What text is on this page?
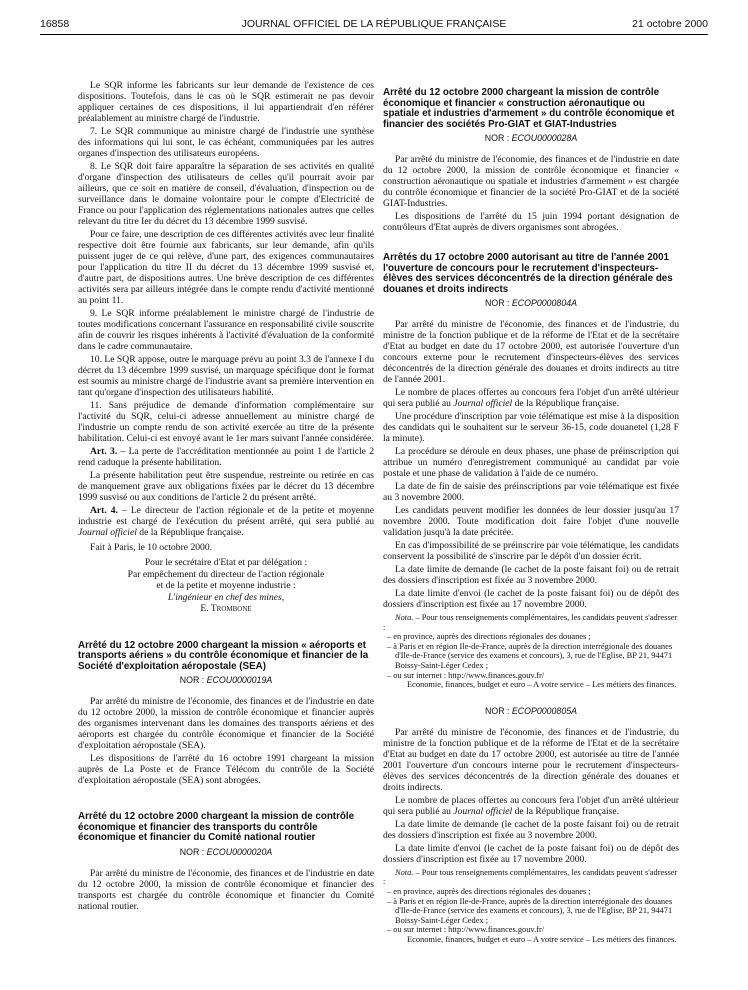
16858	JOURNAL OFFICIEL DE LA RÉPUBLIQUE FRANÇAISE	21 octobre 2000

Le SQR informe les fabricants sur leur demande de l'existence de ces dispositions. Toutefois, dans le cas où le SQR estimerait ne pas devoir appliquer certaines de ces dispositions, il lui appartiendrait d'en référer préalablement au ministre chargé de l'industrie.

7. Le SQR communique au ministre chargé de l'industrie une synthèse des informations qui lui sont, le cas échéant, communiquées par les autres organes d'inspection des utilisateurs européens.

8. Le SQR doit faire apparaître la séparation de ses activités en qualité d'organe d'inspection des utilisateurs de celles qu'il pourrait avoir par ailleurs, que ce soit en matière de conseil, d'évaluation, d'inspection ou de surveillance dans le domaine volontaire pour le compte d'Electricité de France ou pour l'application des réglementations nationales autres que celles relevant du titre Ier du décret du 13 décembre 1999 susvisé.

Pour ce faire, une description de ces différentes activités avec leur finalité respective doit être fournie aux fabricants, sur leur demande, afin qu'ils puissent juger de ce qui relève, d'une part, des exigences communautaires pour l'application du titre II du décret du 13 décembre 1999 susvisé et, d'autre part, de dispositions autres. Une brève description de ces différentes activités sera par ailleurs intégrée dans le compte rendu d'activité mentionné au point 11.

9. Le SQR informe préalablement le ministre chargé de l'industrie de toutes modifications concernant l'assurance en responsabilité civile souscrite afin de couvrir les risques inhérents à l'activité d'évaluation de la conformité dans le cadre communautaire.

10. Le SQR appose, outre le marquage prévu au point 3.3 de l'annexe I du décret du 13 décembre 1999 susvisé, un marquage spécifique dont le format est soumis au ministre chargé de l'industrie avant sa première intervention en tant qu'organe d'inspection des utilisateurs habilité.

11. Sans préjudice de demande d'information complémentaire sur l'activité du SQR, celui-ci adresse annuellement au ministre chargé de l'industrie un compte rendu de son activité exercée au titre de la présente habilitation. Celui-ci est envoyé avant le 1er mars suivant l'année considérée.

Art. 3. – La perte de l'accréditation mentionnée au point 1 de l'article 2 rend caduque la présente habilitation.

La présente habilitation peut être suspendue, restreinte ou retirée en cas de manquement grave aux obligations fixées par le décret du 13 décembre 1999 susvisé ou aux conditions de l'article 2 du présent arrêté.

Art. 4. – Le directeur de l'action régionale et de la petite et moyenne industrie est chargé de l'exécution du présent arrêté, qui sera publié au Journal officiel de la République française.

Fait à Paris, le 10 octobre 2000.

Pour le secrétaire d'Etat et par délégation :
Par empêchement du directeur de l'action régionale
et de la petite et moyenne industrie :
L'ingénieur en chef des mines,
E. Trombone
Arrêté du 12 octobre 2000 chargeant la mission « aéroports et transports aériens » du contrôle économique et financier de la Société d'exploitation aéropostale (SEA)
NOR : ECOU0000019A

Par arrêté du ministre de l'économie, des finances et de l'industrie en date du 12 octobre 2000, la mission de contrôle économique et financier auprès des organismes intervenant dans les domaines des transports aériens et des aéroports est chargée du contrôle économique et financier de la Société d'exploitation aéropostale (SEA).

Les dispositions de l'arrêté du 16 octobre 1991 chargeant la mission auprès de La Poste et de France Télécom du contrôle de la Société d'exploitation aéropostale (SEA) sont abrogées.

Arrêté du 12 octobre 2000 chargeant la mission de contrôle économique et financier des transports du contrôle économique et financier du Comité national routier
NOR : ECOU0000020A

Par arrêté du ministre de l'économie, des finances et de l'industrie en date du 12 octobre 2000, la mission de contrôle économique et financier des transports est chargée du contrôle économique et financier du Comité national routier.

Arrêté du 12 octobre 2000 chargeant la mission de contrôle économique et financier « construction aéronautique ou spatiale et industries d'armement » du contrôle économique et financier des sociétés Pro-GIAT et GIAT-Industries
NOR : ECOU0000028A

Par arrêté du ministre de l'économie, des finances et de l'industrie en date du 12 octobre 2000, la mission de contrôle économique et financier « construction aéronautique ou spatiale et industries d'armement » est chargée du contrôle économique et financier de la société Pro-GIAT et de la société GIAT-Industries.

Les dispositions de l'arrêté du 15 juin 1994 portant désignation de contrôleurs d'Etat auprès de divers organismes sont abrogées.

Arrêtés du 17 octobre 2000 autorisant au titre de l'année 2001 l'ouverture de concours pour le recrutement d'inspecteurs-élèves des services déconcentrés de la direction générale des douanes et droits indirects
NOR : ECOP0000804A

Par arrêté du ministre de l'économie, des finances et de l'industrie, du ministre de la fonction publique et de la réforme de l'Etat et de la secrétaire d'Etat au budget en date du 17 octobre 2000, est autorisée l'ouverture d'un concours externe pour le recrutement d'inspecteurs-élèves des services déconcentrés de la direction générale des douanes et droits indirects au titre de l'année 2001.

Le nombre de places offertes au concours fera l'objet d'un arrêté ultérieur qui sera publié au Journal officiel de la République française.

Une procédure d'inscription par voie télématique est mise à la disposition des candidats qui le souhaitent sur le serveur 36-15, code douanetel (1,28 F la minute).

La procédure se déroule en deux phases, une phase de préinscription qui attribue un numéro d'enregistrement communiqué au candidat par voie postale et une phase de validation à l'aide de ce numéro.

La date de fin de saisie des préinscriptions par voie télématique est fixée au 3 novembre 2000.

Les candidats peuvent modifier les données de leur dossier jusqu'au 17 novembre 2000. Toute modification doit faire l'objet d'une nouvelle validation jusqu'à la date précitée.

En cas d'impossibilité de se préinscrire par voie télématique, les candidats conservent la possibilité de s'inscrire par le dépôt d'un dossier écrit.

La date limite de demande (le cachet de la poste faisant foi) ou de retrait des dossiers d'inscription est fixée au 3 novembre 2000.

La date limite d'envoi (le cachet de la poste faisant foi) ou de dépôt des dossiers d'inscription est fixée au 17 novembre 2000.

Nota. – Pour tous renseignements complémentaires, les candidats peuvent s'adresser :
– en province, auprès des directions régionales des douanes ;
– à Paris et en région Ile-de-France, auprès de la direction interrégionale des douanes d'Ile-de-France (service des examens et concours), 3, rue de l'Eglise, BP 21, 94471 Boissy-Saint-Léger Cedex ;
– ou sur internet : http://www.finances.gouv.fr/
Economie, finances, budget et euro – A votre service – Les métiers des finances.
NOR : ECOP0000805A

Par arrêté du ministre de l'économie, des finances et de l'industrie, du ministre de la fonction publique et de la réforme de l'Etat et de la secrétaire d'Etat au budget en date du 17 octobre 2000, est autorisée au titre de l'année 2001 l'ouverture d'un concours interne pour le recrutement d'inspecteurs-élèves des services déconcentrés de la direction générale des douanes et droits indirects.

Le nombre de places offertes au concours fera l'objet d'un arrêté ultérieur qui sera publié au Journal officiel de la République française.

La date limite de demande (le cachet de la poste faisant foi) ou de retrait des dossiers d'inscription est fixée au 3 novembre 2000.

La date limite d'envoi (le cachet de la poste faisant foi) ou de dépôt des dossiers d'inscription est fixée au 17 novembre 2000.

Nota. – Pour tous renseignements complémentaires, les candidats peuvent s'adresser :
– en province, auprès des directions régionales des douanes ;
– à Paris et en région Ile-de-France, auprès de la direction interrégionale des douanes d'Ile-de-France (service des examens et concours), 3, rue de l'Eglise, BP 21, 94471 Boissy-Saint-Léger Cedex ;
– ou sur internet : http://www.finances.gouv.fr/
Economie, finances, budget et euro – A votre service – Les métiers des finances.
